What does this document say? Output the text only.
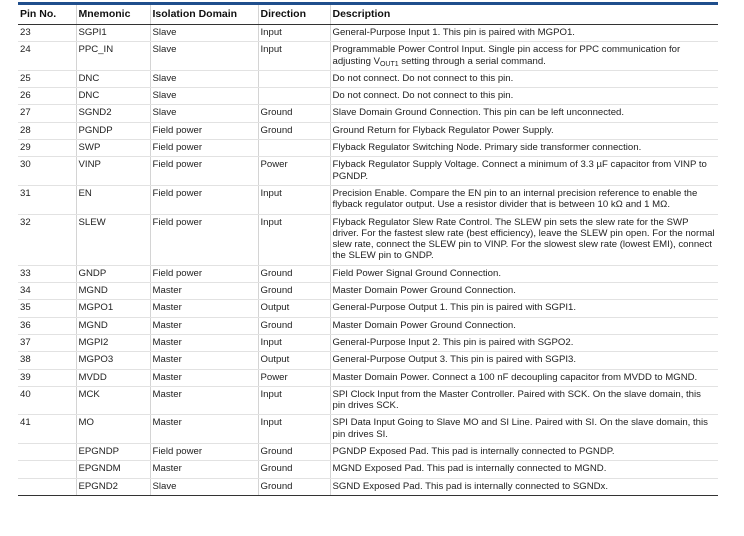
Pin No.	Mnemonic	Isolation Domain	Direction	Description
23	SGPI1	Slave	Input	General-Purpose Input 1. This pin is paired with MGPO1.
24	PPC_IN	Slave	Input	Programmable Power Control Input. Single pin access for PPC communication for adjusting $V_{OUT1}$ setting through a serial command.
25	DNC	Slave		Do not connect. Do not connect to this pin.
26	DNC	Slave		Do not connect. Do not connect to this pin.
27	SGND2	Slave	Ground	Slave Domain Ground Connection. This pin can be left unconnected.
28	PGNDP	Field power	Ground	Ground Return for Flyback Regulator Power Supply.
29	SWP	Field power		Flyback Regulator Switching Node. Primary side transformer connection.
30	VINP	Field power	Power	Flyback Regulator Supply Voltage. Connect a minimum of 3.3 µF capacitor from VINP to PGNDP.
31	EN	Field power	Input	Precision Enable. Compare the EN pin to an internal precision reference to enable the flyback regulator output. Use a resistor divider that is between 10 kΩ and 1 MΩ.
32	SLEW	Field power	Input	Flyback Regulator Slew Rate Control. The SLEW pin sets the slew rate for the SWP driver. For the fastest slew rate (best efficiency), leave the SLEW pin open. For the normal slew rate, connect the SLEW pin to VINP. For the slowest slew rate (lowest EMI), connect the SLEW pin to GNDP.
33	GNDP	Field power	Ground	Field Power Signal Ground Connection.
34	MGND	Master	Ground	Master Domain Power Ground Connection.
35	MGPO1	Master	Output	General-Purpose Output 1. This pin is paired with SGPI1.
36	MGND	Master	Ground	Master Domain Power Ground Connection.
37	MGPI2	Master	Input	General-Purpose Input 2. This pin is paired with SGPO2.
38	MGPO3	Master	Output	General-Purpose Output 3. This pin is paired with SGPI3.
39	MVDD	Master	Power	Master Domain Power. Connect a 100 nF decoupling capacitor from MVDD to MGND.
40	MCK	Master	Input	SPI Clock Input from the Master Controller. Paired with SCK. On the slave domain, this pin drives SCK.
41	MO	Master	Input	SPI Data Input Going to Slave MO and SI Line. Paired with SI. On the slave domain, this pin drives SI.
	EPGNDP	Field power	Ground	PGNDP Exposed Pad. This pad is internally connected to PGNDP.
	EPGNDM	Master	Ground	MGND Exposed Pad. This pad is internally connected to MGND.
	EPGND2	Slave	Ground	SGND Exposed Pad. This pad is internally connected to SGNDx.
